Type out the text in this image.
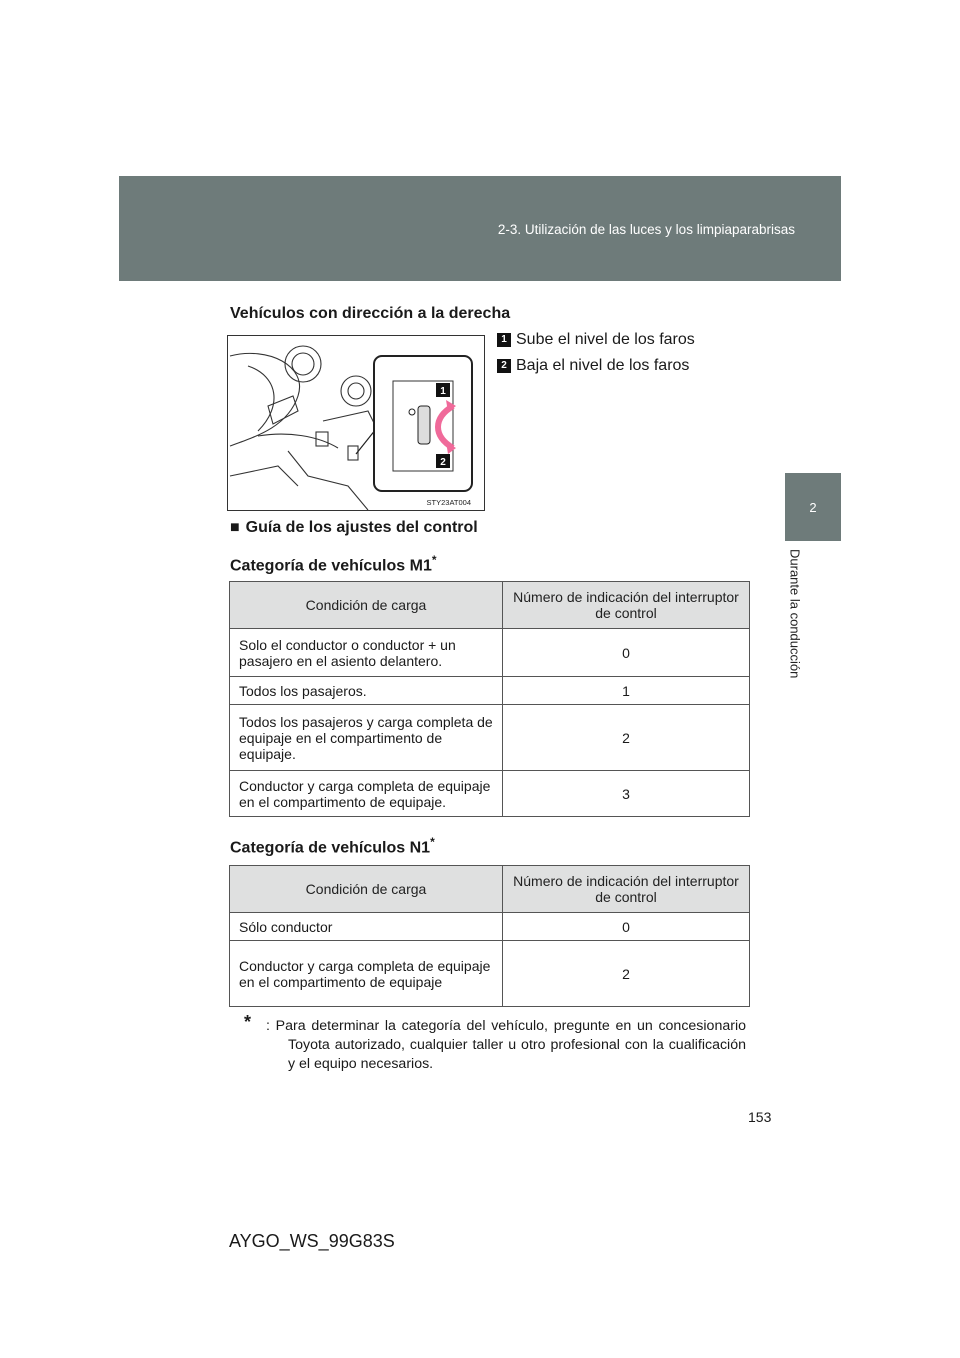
2-3. Utilización de las luces y los limpiaparabrisas
2
Durante la conducción
Vehículos con dirección a la derecha
1
2
STY23AT004
1 Sube el nivel de los faros
2 Baja el nivel de los faros
■ Guía de los ajustes del control
Categoría de vehículos M1*
Condición de carga	Número de indicación del interruptor de control
Solo el conductor o conductor + un pasajero en el asiento delantero.	0
Todos los pasajeros.	1
Todos los pasajeros y carga completa de equipaje en el compartimento de equipaje.	2
Conductor y carga completa de equipaje en el compartimento de equipaje.	3
Categoría de vehículos N1*
Condición de carga	Número de indicación del interruptor de control
Sólo conductor	0
Conductor y carga completa de equipaje en el compartimento de equipaje	2
* : Para determinar la categoría del vehículo, pregunte en un concesionario Toyota autorizado, cualquier taller u otro profesional con la cualificación y el equipo necesarios.
153
AYGO_WS_99G83S
